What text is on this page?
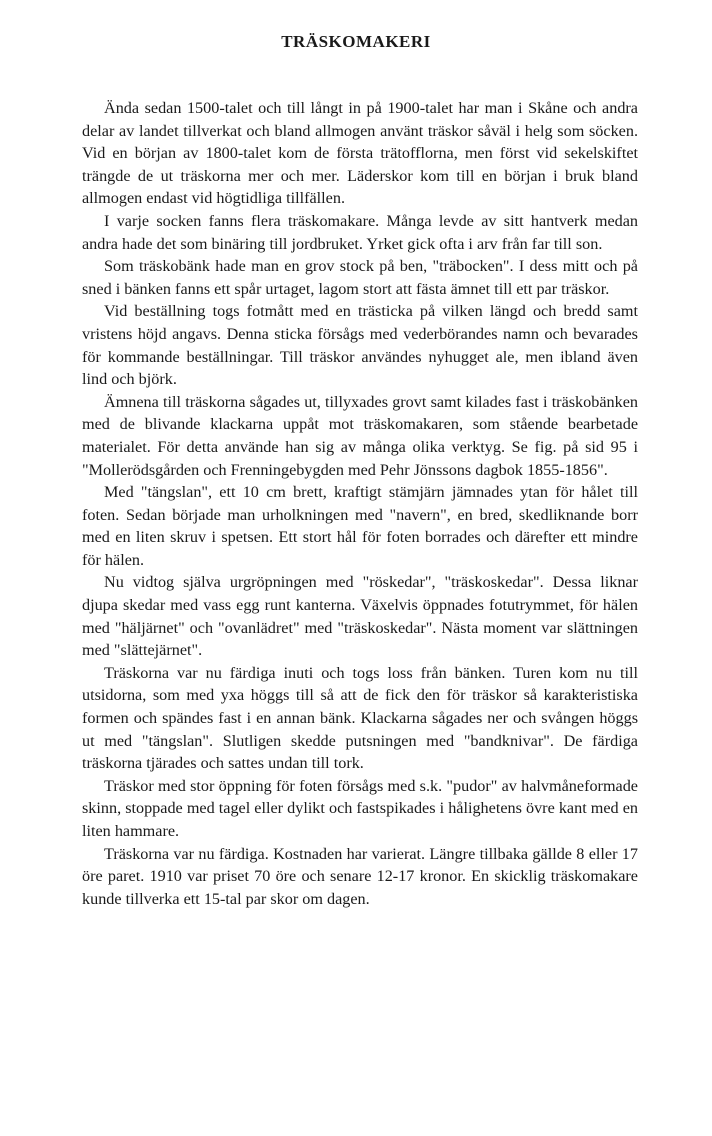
TRÄSKOMAKERI

Ända sedan 1500-talet och till långt in på 1900-talet har man i Skåne och andra delar av landet tillverkat och bland allmogen använt träskor såväl i helg som söcken. Vid en början av 1800-talet kom de första trätofflorna, men först vid sekelskiftet trängde de ut träskorna mer och mer. Läderskor kom till en början i bruk bland allmogen endast vid högtidliga tillfällen.

I varje socken fanns flera träskomakare. Många levde av sitt hantverk medan andra hade det som binäring till jordbruket. Yrket gick ofta i arv från far till son.

Som träskobänk hade man en grov stock på ben, "träbocken". I dess mitt och på sned i bänken fanns ett spår urtaget, lagom stort att fästa ämnet till ett par träskor.

Vid beställning togs fotmått med en trästicka på vilken längd och bredd samt vristens höjd angavs. Denna sticka försågs med vederbörandes namn och bevarades för kommande beställningar. Till träskor användes nyhugget ale, men ibland även lind och björk.

Ämnena till träskorna sågades ut, tillyxades grovt samt kilades fast i träskobänken med de blivande klackarna uppåt mot träskomakaren, som stående bearbetade materialet. För detta använde han sig av många olika verktyg. Se fig. på sid 95 i "Mollerödsgården och Frenningebygden med Pehr Jönssons dagbok 1855-1856".

Med "tängslan", ett 10 cm brett, kraftigt stämjärn jämnades ytan för hålet till foten. Sedan började man urholkningen med "navern", en bred, skedliknande borr med en liten skruv i spetsen. Ett stort hål för foten borrades och därefter ett mindre för hälen.

Nu vidtog själva urgröpningen med "röskedar", "träskoskedar". Dessa liknar djupa skedar med vass egg runt kanterna. Växelvis öppnades fotutrymmet, för hälen med "häljärnet" och "ovanlädret" med "träskoskedar". Nästa moment var slättningen med "slättejärnet".

Träskorna var nu färdiga inuti och togs loss från bänken. Turen kom nu till utsidorna, som med yxa höggs till så att de fick den för träskor så karakteristiska formen och spändes fast i en annan bänk. Klackarna sågades ner och svången höggs ut med "tängslan". Slutligen skedde putsningen med "bandknivar". De färdiga träskorna tjärades och sattes undan till tork.

Träskor med stor öppning för foten försågs med s.k. "pudor" av halvmåneformade skinn, stoppade med tagel eller dylikt och fastspikades i hålighetens övre kant med en liten hammare.

Träskorna var nu färdiga. Kostnaden har varierat. Längre tillbaka gällde 8 eller 17 öre paret. 1910 var priset 70 öre och senare 12-17 kronor. En skicklig träskomakare kunde tillverka ett 15-tal par skor om dagen.
